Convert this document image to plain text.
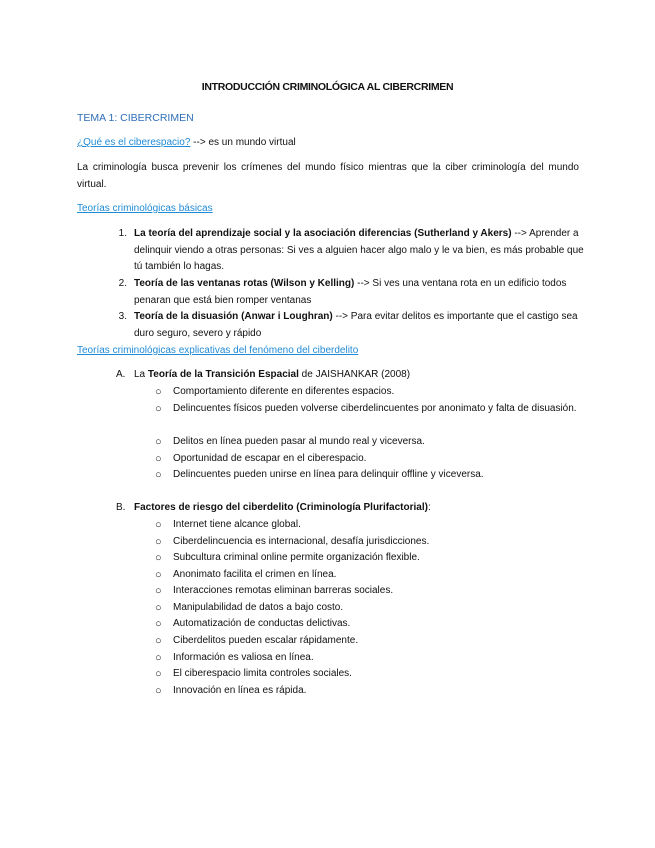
INTRODUCCIÓN CRIMINOLÓGICA AL CIBERCRIMEN
TEMA 1: CIBERCRIMEN
¿Qué es el ciberespacio? --> es un mundo virtual
La criminología busca prevenir los crímenes del mundo físico mientras que la ciber criminología del mundo virtual.
Teorías criminológicas básicas
1. La teoría del aprendizaje social y la asociación diferencias (Sutherland y Akers) --> Aprender a delinquir viendo a otras personas: Si ves a alguien hacer algo malo y le va bien, es más probable que tú también lo hagas.
2. Teoría de las ventanas rotas (Wilson y Kelling) --> Si ves una ventana rota en un edificio todos penaran que está bien romper ventanas
3. Teoría de la disuasión (Anwar i Loughran) --> Para evitar delitos es importante que el castigo sea duro seguro, severo y rápido
Teorías criminológicas explicativas del fenómeno del ciberdelito
A. La Teoría de la Transición Espacial de JAISHANKAR (2008)
○ Comportamiento diferente en diferentes espacios.
○ Delincuentes físicos pueden volverse ciberdelincuentes por anonimato y falta de disuasión.
○ Delitos en línea pueden pasar al mundo real y viceversa.
○ Oportunidad de escapar en el ciberespacio.
○ Delincuentes pueden unirse en línea para delinquir offline y viceversa.
B. Factores de riesgo del ciberdelito (Criminología Plurifactorial):
○ Internet tiene alcance global.
○ Ciberdelincuencia es internacional, desafía jurisdicciones.
○ Subcultura criminal online permite organización flexible.
○ Anonimato facilita el crimen en línea.
○ Interacciones remotas eliminan barreras sociales.
○ Manipulabilidad de datos a bajo costo.
○ Automatización de conductas delictivas.
○ Ciberdelitos pueden escalar rápidamente.
○ Información es valiosa en línea.
○ El ciberespacio limita controles sociales.
○ Innovación en línea es rápida.
